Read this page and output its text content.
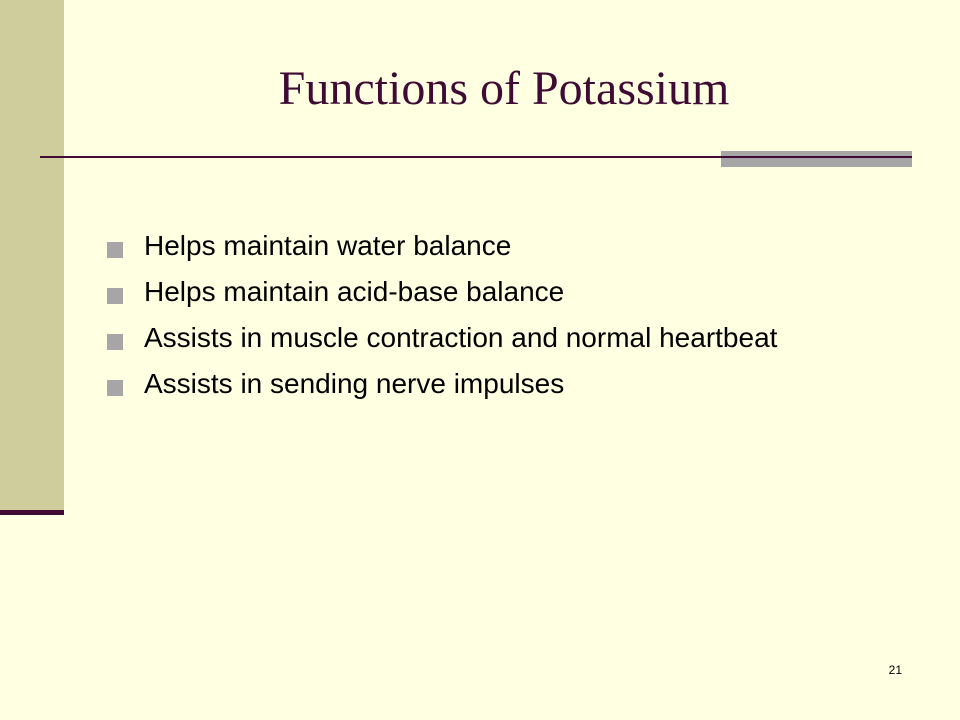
Functions of Potassium
Helps maintain water balance
Helps maintain acid-base balance
Assists in muscle contraction and normal heartbeat
Assists in sending nerve impulses
21
